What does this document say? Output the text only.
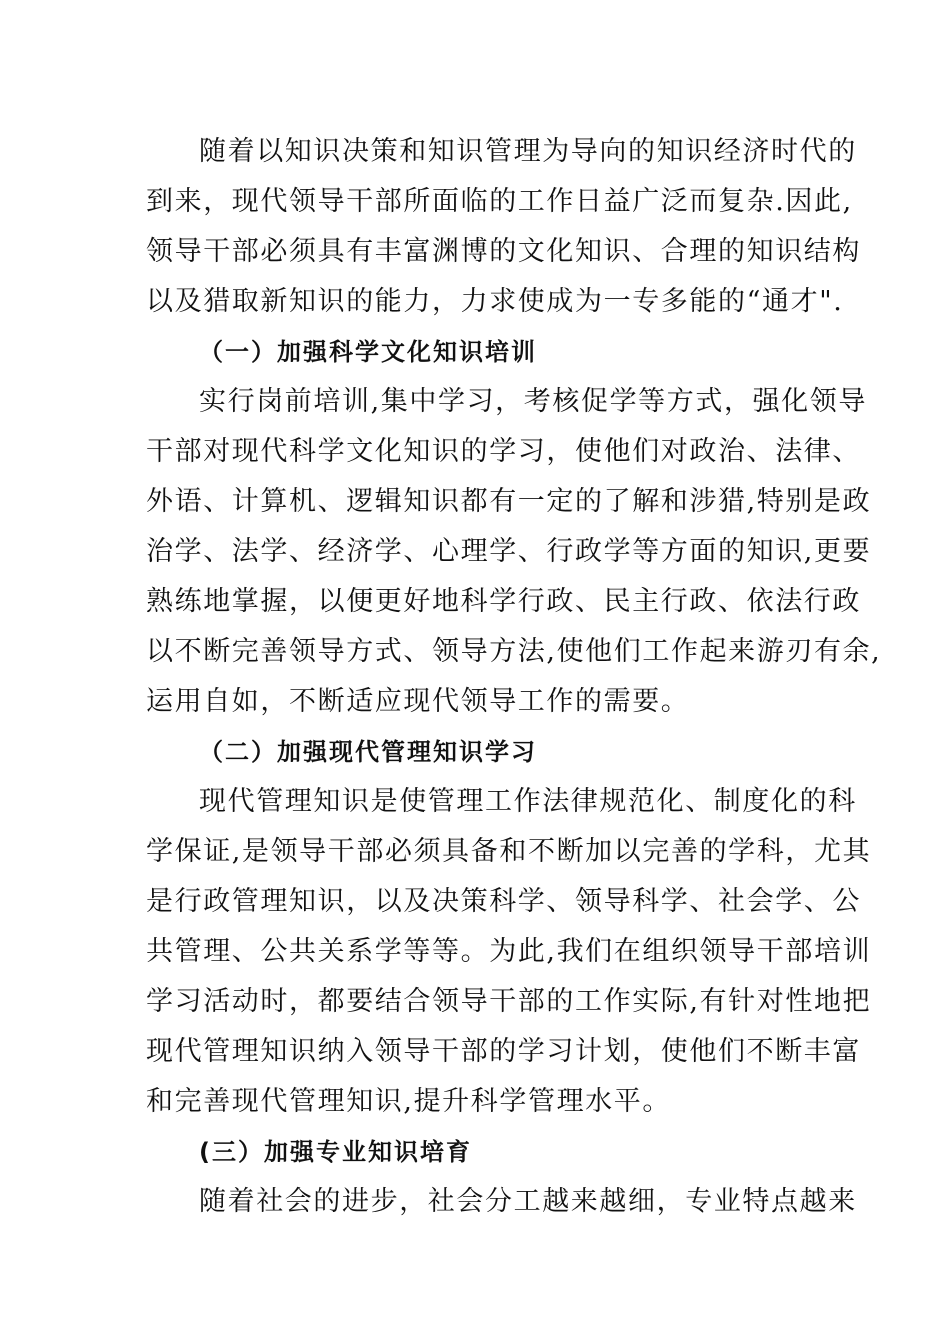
随着以知识决策和知识管理为导向的知识经济时代的
到来，现代领导干部所面临的工作日益广泛而复杂.因此,
领导干部必须具有丰富渊博的文化知识、合理的知识结构
以及猎取新知识的能力，力求使成为一专多能的“通才".
（一）加强科学文化知识培训
实行岗前培训,集中学习，考核促学等方式，强化领导
干部对现代科学文化知识的学习，使他们对政治、法律、
外语、计算机、逻辑知识都有一定的了解和涉猎,特别是政
治学、法学、经济学、心理学、行政学等方面的知识,更要
熟练地掌握，以便更好地科学行政、民主行政、依法行政
以不断完善领导方式、领导方法,使他们工作起来游刃有余,
运用自如，不断适应现代领导工作的需要。
（二）加强现代管理知识学习
现代管理知识是使管理工作法律规范化、制度化的科
学保证,是领导干部必须具备和不断加以完善的学科，尤其
是行政管理知识，以及决策科学、领导科学、社会学、公
共管理、公共关系学等等。为此,我们在组织领导干部培训
学习活动时，都要结合领导干部的工作实际,有针对性地把
现代管理知识纳入领导干部的学习计划，使他们不断丰富
和完善现代管理知识,提升科学管理水平。
(三）加强专业知识培育
随着社会的进步，社会分工越来越细，专业特点越来
